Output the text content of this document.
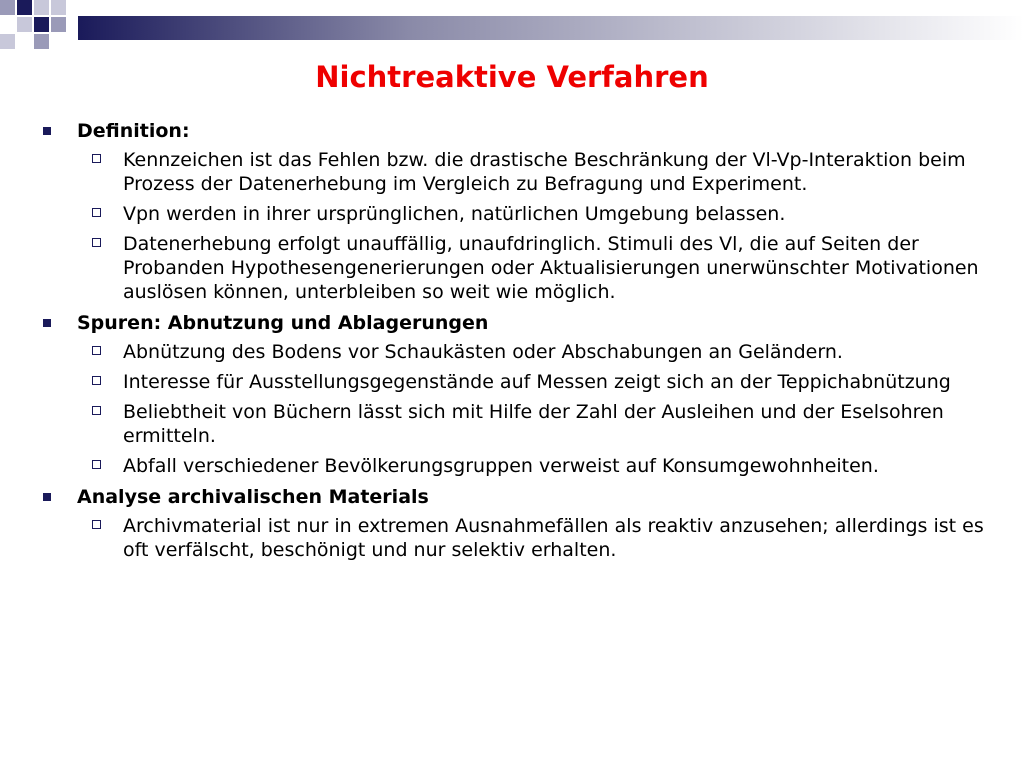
Nichtreaktive Verfahren
Definition:
Kennzeichen ist das Fehlen bzw. die drastische Beschränkung der Vl-Vp-Interaktion beim Prozess der Datenerhebung im Vergleich zu Befragung und Experiment.
Vpn werden in ihrer ursprünglichen, natürlichen Umgebung belassen.
Datenerhebung erfolgt unauffällig, unaufdringlich. Stimuli des Vl, die auf Seiten der Probanden Hypothesengenerierungen oder Aktualisierungen unerwünschter Motivationen auslösen können, unterbleiben so weit wie möglich.
Spuren: Abnutzung und Ablagerungen
Abnützung des Bodens vor Schaukästen oder Abschabungen an Geländern.
Interesse für Ausstellungsgegenstände auf Messen zeigt sich an der Teppichabnützung
Beliebtheit von Büchern lässt sich mit Hilfe der Zahl der Ausleihen und der Eselsohren ermitteln.
Abfall verschiedener Bevölkerungsgruppen verweist auf Konsumgewohnheiten.
Analyse archivalischen Materials
Archivmaterial ist nur in extremen Ausnahmefällen als reaktiv anzusehen; allerdings ist es oft verfälscht, beschönigt und nur selektiv erhalten.
